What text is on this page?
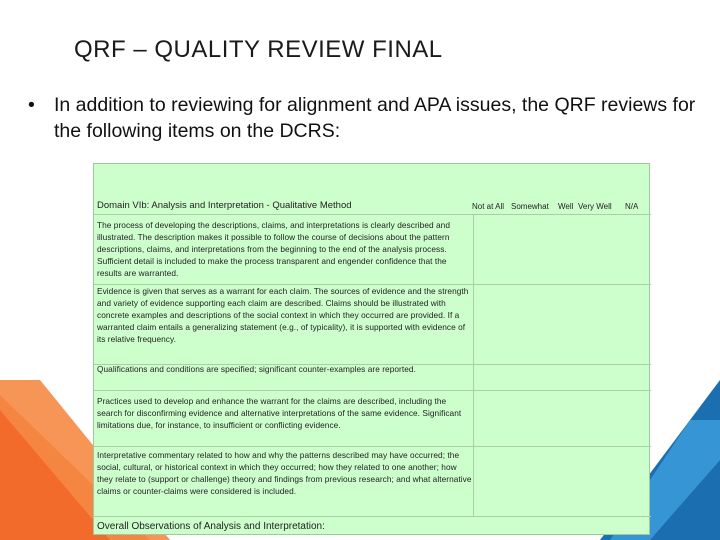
QRF – QUALITY REVIEW FINAL
• In addition to reviewing for alignment and APA issues, the QRF reviews for the following items on the DCRS:
Domain VIb: Analysis and Interpretation - Qualitative Method	Not at All Somewhat Well Very Well N/A
The process of developing the descriptions, claims, and interpretations is clearly described and illustrated. The description makes it possible to follow the course of decisions about the pattern descriptions, claims, and interpretations from the beginning to the end of the analysis process. Sufficient detail is included to make the process transparent and engender confidence that the results are warranted.
Evidence is given that serves as a warrant for each claim. The sources of evidence and the strength and variety of evidence supporting each claim are described. Claims should be illustrated with concrete examples and descriptions of the social context in which they occurred are provided. If a warranted claim entails a generalizing statement (e.g., of typicality), it is supported with evidence of its relative frequency.
Qualifications and conditions are specified; significant counter-examples are reported.
Practices used to develop and enhance the warrant for the claims are described, including the search for disconfirming evidence and alternative interpretations of the same evidence. Significant limitations due, for instance, to insufficient or conflicting evidence.
Interpretative commentary related to how and why the patterns described may have occurred; the social, cultural, or historical context in which they occurred; how they related to one another; how they relate to (support or challenge) theory and findings from previous research; and what alternative claims or counter-claims were considered is included.
Overall Observations of Analysis and Interpretation:
